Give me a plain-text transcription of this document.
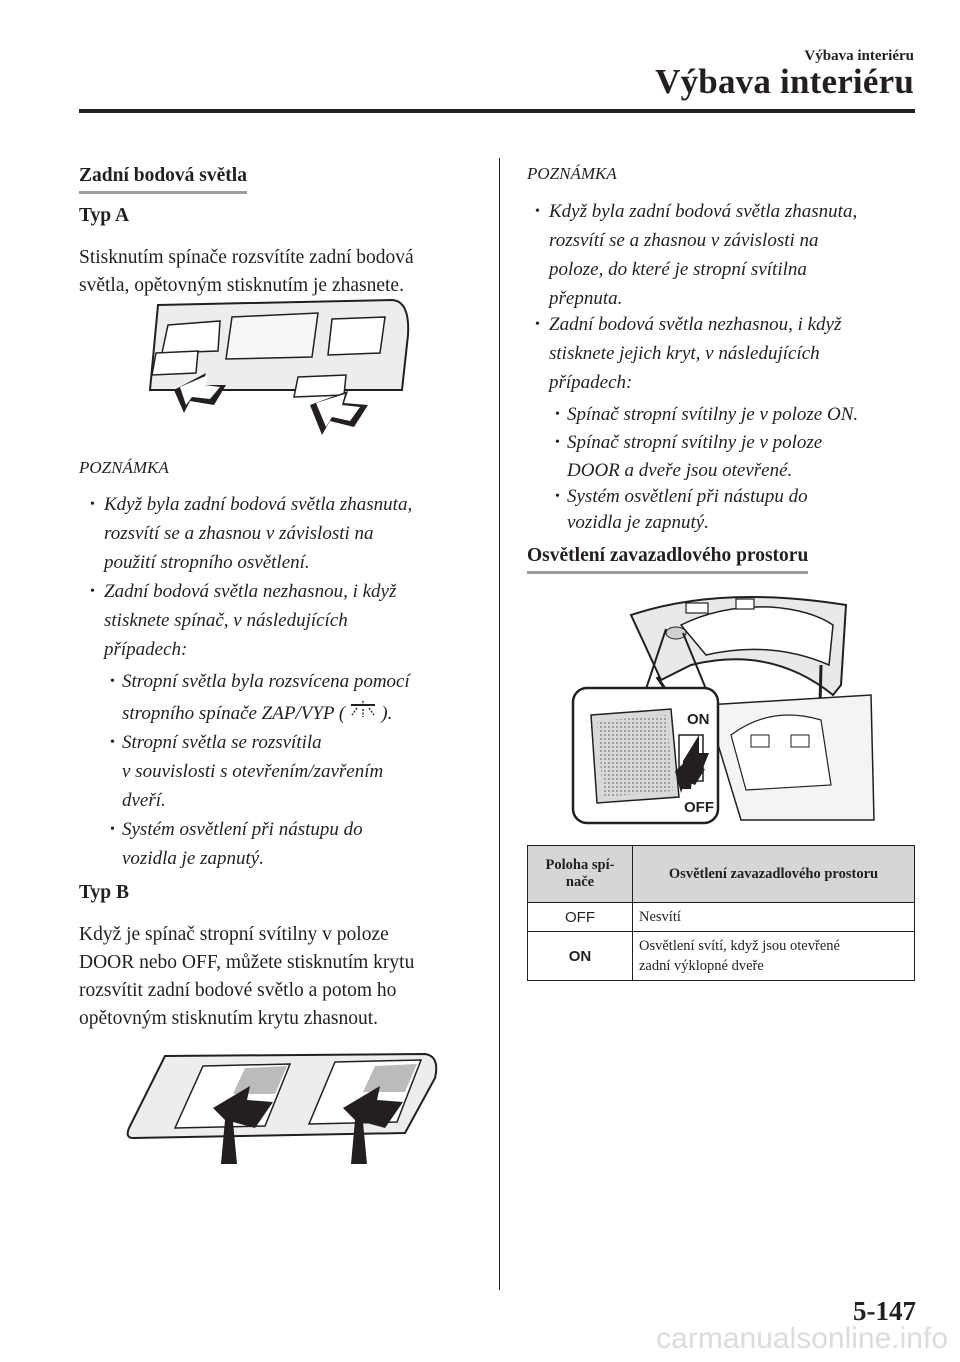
Výbava interiéru
Výbava interiéru
Zadní bodová světla
Typ A
Stisknutím spínače rozsvítíte zadní bodová
světla, opětovným stisknutím je zhasnete.
POZNÁMKA
• Když byla zadní bodová světla zhasnuta,
rozsvítí se a zhasnou v závislosti na
použití stropního osvětlení.
• Zadní bodová světla nezhasnou, i když
stisknete spínač, v následujících
případech:
• Stropní světla byla rozsvícena pomocí
stropního spínače ZAP/VYP ( ).
• Stropní světla se rozsvítila
v souvislosti s otevřením/zavřením
dveří.
• Systém osvětlení při nástupu do
vozidla je zapnutý.
Typ B
Když je spínač stropní svítilny v poloze
DOOR nebo OFF, můžete stisknutím krytu
rozsvítit zadní bodové světlo a potom ho
opětovným stisknutím krytu zhasnout.
POZNÁMKA
• Když byla zadní bodová světla zhasnuta,
rozsvítí se a zhasnou v závislosti na
poloze, do které je stropní svítilna
přepnuta.
• Zadní bodová světla nezhasnou, i když
stisknete jejich kryt, v následujících
případech:
• Spínač stropní svítilny je v poloze ON.
• Spínač stropní svítilny je v poloze
DOOR a dveře jsou otevřené.
• Systém osvětlení při nástupu do
vozidla je zapnutý.
Osvětlení zavazadlového prostoru
ON
OFF
Poloha spí-
nače	Osvětlení zavazadlového prostoru
OFF	Nesvítí
ON	Osvětlení svítí, když jsou otevřené
zadní výklopné dveře
5-147
carmanualsonline.info
